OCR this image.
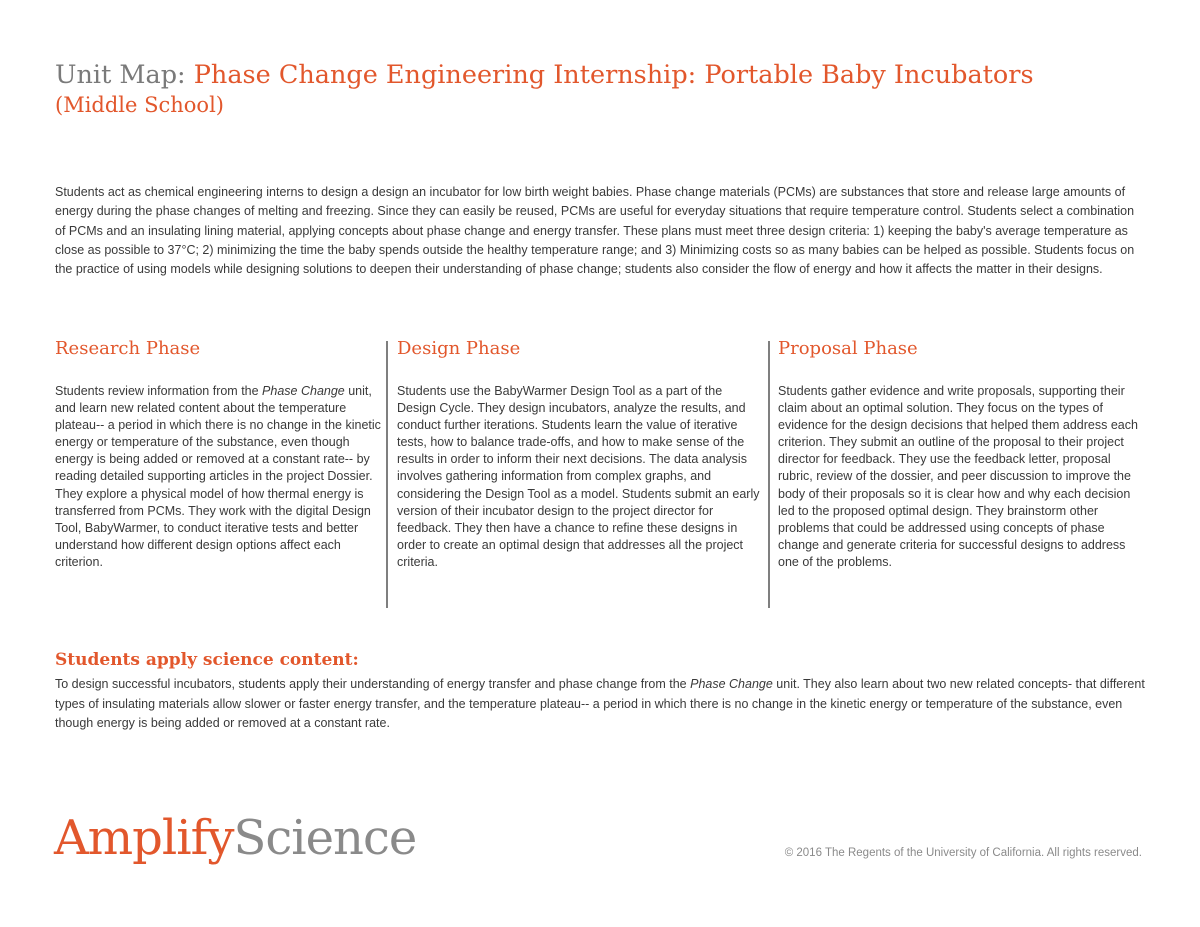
Unit Map: Phase Change Engineering Internship: Portable Baby Incubators

(Middle School)

Students act as chemical engineering interns to design a design an incubator for low birth weight babies. Phase change materials (PCMs) are substances that store and release large amounts of energy during the phase changes of melting and freezing. Since they can easily be reused, PCMs are useful for everyday situations that require temperature control. Students select a combination of PCMs and an insulating lining material, applying concepts about phase change and energy transfer. These plans must meet three design criteria: 1) keeping the baby's average temperature as close as possible to 37°C; 2) minimizing the time the baby spends outside the healthy temperature range; and 3) Minimizing costs so as many babies can be helped as possible. Students focus on the practice of using models while designing solutions to deepen their understanding of phase change; students also consider the flow of energy and how it affects the matter in their designs.

Research Phase

Students review information from the Phase Change unit, and learn new related content about the temperature plateau-- a period in which there is no change in the kinetic energy or temperature of the substance, even though energy is being added or removed at a constant rate-- by reading detailed supporting articles in the project Dossier. They explore a physical model of how thermal energy is transferred from PCMs. They work with the digital Design Tool, BabyWarmer, to conduct iterative tests and better understand how different design options affect each criterion.

Design Phase

Students use the BabyWarmer Design Tool as a part of the Design Cycle. They design incubators, analyze the results, and conduct further iterations. Students learn the value of iterative tests, how to balance trade-offs, and how to make sense of the results in order to inform their next decisions. The data analysis involves gathering information from complex graphs, and considering the Design Tool as a model. Students submit an early version of their incubator design to the project director for feedback. They then have a chance to refine these designs in order to create an optimal design that addresses all the project criteria.

Proposal Phase

Students gather evidence and write proposals, supporting their claim about an optimal solution. They focus on the types of evidence for the design decisions that helped them address each criterion. They submit an outline of the proposal to their project director for feedback. They use the feedback letter, proposal rubric, review of the dossier, and peer discussion to improve the body of their proposals so it is clear how and why each decision led to the proposed optimal design. They brainstorm other problems that could be addressed using concepts of phase change and generate criteria for successful designs to address one of the problems.

Students apply science content:

To design successful incubators, students apply their understanding of energy transfer and phase change from the Phase Change unit. They also learn about two new related concepts- that different types of insulating materials allow slower or faster energy transfer, and the temperature plateau-- a period in which there is no change in the kinetic energy or temperature of the substance, even though energy is being added or removed at a constant rate.

AmplifyScience	© 2016 The Regents of the University of California. All rights reserved.
